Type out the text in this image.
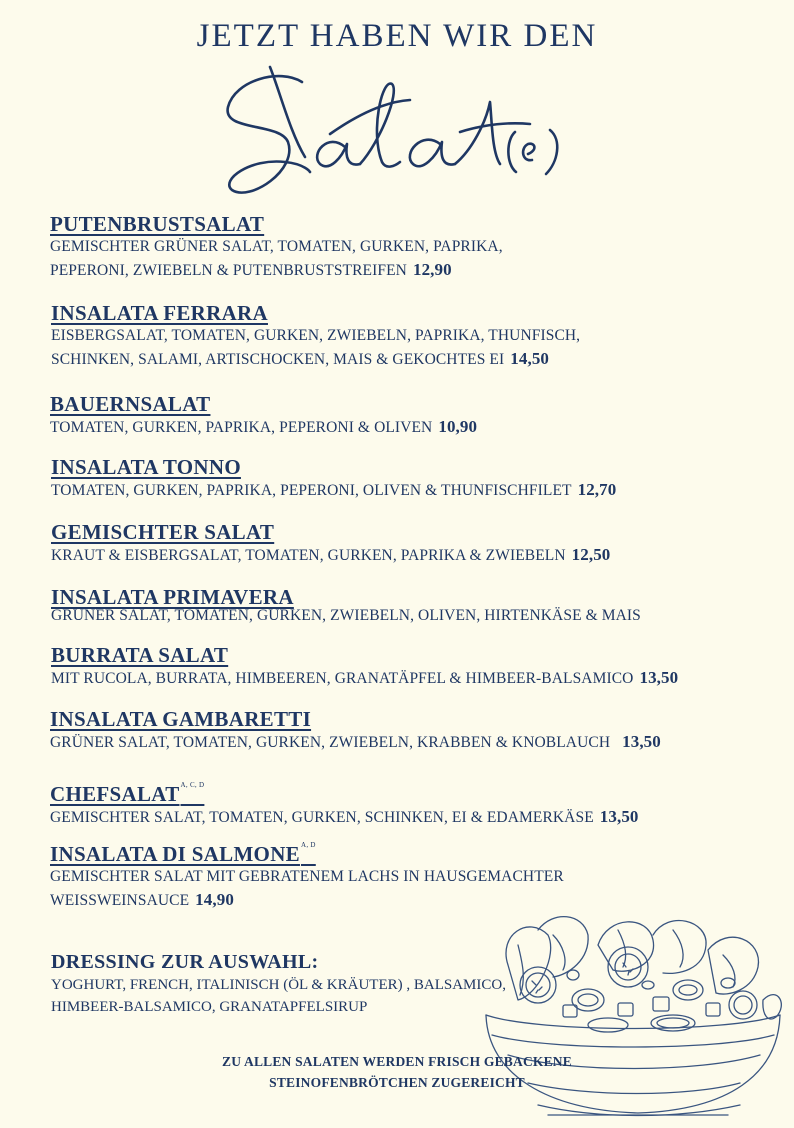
JETZT HABEN WIR DEN
PUTENBRUSTSALAT
GEMISCHTER GRÜNER SALAT, TOMATEN, GURKEN, PAPRIKA,
PEPERONI, ZWIEBELN & PUTENBRUSTSTREIFEN 12,90
INSALATA FERRARA
EISBERGSALAT, TOMATEN, GURKEN, ZWIEBELN, PAPRIKA, THUNFISCH,
SCHINKEN, SALAMI, ARTISCHOCKEN, MAIS & GEKOCHTES EI 14,50
BAUERNSALAT
TOMATEN, GURKEN, PAPRIKA, PEPERONI & OLIVEN 10,90
INSALATA TONNO
TOMATEN, GURKEN, PAPRIKA, PEPERONI, OLIVEN & THUNFISCHFILET 12,70
GEMISCHTER SALAT
KRAUT & EISBERGSALAT, TOMATEN, GURKEN, PAPRIKA & ZWIEBELN 12,50
INSALATA PRIMAVERA
GRÜNER SALAT, TOMATEN, GURKEN, ZWIEBELN, OLIVEN, HIRTENKÄSE & MAIS
BURRATA SALAT
MIT RUCOLA, BURRATA, HIMBEEREN, GRANATÄPFEL & HIMBEER-BALSAMICO 13,50
INSALATA GAMBARETTI
GRÜNER SALAT, TOMATEN, GURKEN, ZWIEBELN, KRABBEN & KNOBLAUCH 13,50
$CHEFSALAT^{A, C, D}$
GEMISCHTER SALAT, TOMATEN, GURKEN, SCHINKEN, EI & EDAMERKÄSE 13,50
INSALATA DI $SALMONE^{A, D}$
GEMISCHTER SALAT MIT GEBRATENEM LACHS IN HAUSGEMACHTER
WEISSWEINSAUCE 14,90
DRESSING ZUR AUSWAHL:
YOGHURT, FRENCH, ITALINISCH (ÖL & KRÄUTER) , BALSAMICO,
HIMBEER-BALSAMICO, GRANATAPFELSIRUP
ZU ALLEN SALATEN WERDEN FRISCH GEBACKENE
STEINOFENBRÖTCHEN ZUGEREICHT
